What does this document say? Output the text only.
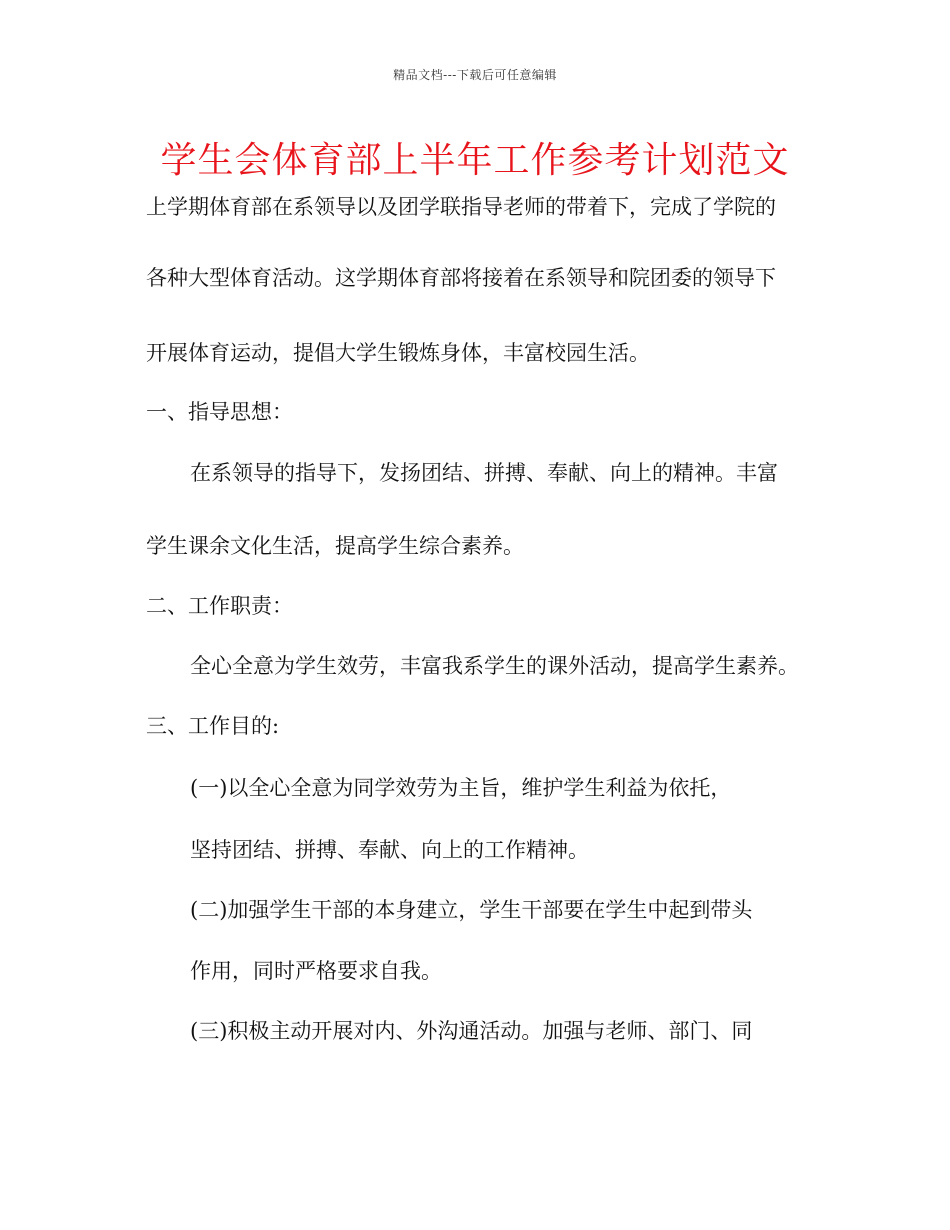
精品文档---下载后可任意编辑
学生会体育部上半年工作参考计划范文

上学期体育部在系领导以及团学联指导老师的带着下，完成了学院的

各种大型体育活动。这学期体育部将接着在系领导和院团委的领导下

开展体育运动，提倡大学生锻炼身体，丰富校园生活。

一、指导思想：

在系领导的指导下，发扬团结、拼搏、奉献、向上的精神。丰富

学生课余文化生活，提高学生综合素养。

二、工作职责：

全心全意为学生效劳，丰富我系学生的课外活动，提高学生素养。

三、工作目的:

(一)以全心全意为同学效劳为主旨，维护学生利益为依托，

坚持团结、拼搏、奉献、向上的工作精神。

(二)加强学生干部的本身建立，学生干部要在学生中起到带头

作用，同时严格要求自我。

(三)积极主动开展对内、外沟通活动。加强与老师、部门、同
